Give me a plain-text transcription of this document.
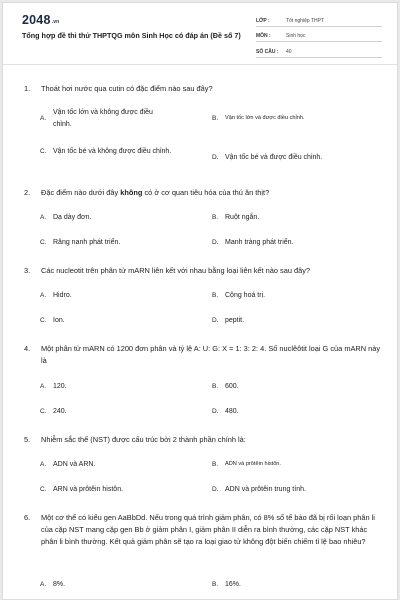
2048.vn
Tổng hợp đề thi thử THPTQG môn Sinh Học có đáp án (Đề số 7)
LỚP :	Tốt nghiệp THPT
MÔN :	Sinh học
SỐ CÂU :	40
1.	Thoát hơi nước qua cutin có đặc điểm nào sau đây?
A.
Vận tốc lớn và không được điều chỉnh.
B.	Vận tốc lớn và được điều chỉnh.
C. Vận tốc bé và không được điều chỉnh.
D. Vận tốc bé và được điều chỉnh.
2.	Đặc điểm nào dưới đây không có ở cơ quan tiêu hóa của thú ăn thịt?
A. Dạ dày đơn.	B. Ruột ngắn.
C. Răng nanh phát triển.	D. Manh tràng phát triển.
3.	Các nucleotit trên phân tử mARN liên kết với nhau bằng loại liên kết nào sau đây?
A. Hidro.	B. Cộng hoá trị.
C. Ion.	D. peptit.
4.	Một phân tử mARN có 1200 đơn phân và tỷ lệ A: U: G: X = 1: 3: 2: 4. Số nuclêôtit loại G của mARN này là
A. 120.	B. 600.
C. 240.	D. 480.
5.	Nhiễm sắc thể (NST) được cấu trúc bởi 2 thành phần chính là:
A. ADN và ARN.	B.	ADN và prôtêin histôn.
C. ARN và prôtêin histôn.	D. ADN và prôtêin trung tính.
6.	Một cơ thể có kiểu gen AaBbDd. Nếu trong quá trình giảm phân, có 8% số tế bào đã bị rối loạn phân li của cặp NST mang cặp gen Bb ở giảm phân I, giảm phân II diễn ra bình thường, các cặp NST khác phân li bình thường. Kết quả giảm phân sẽ tạo ra loại giao tử không đột biến chiếm tỉ lệ bao nhiêu?
A. 8%.	B. 16%.
